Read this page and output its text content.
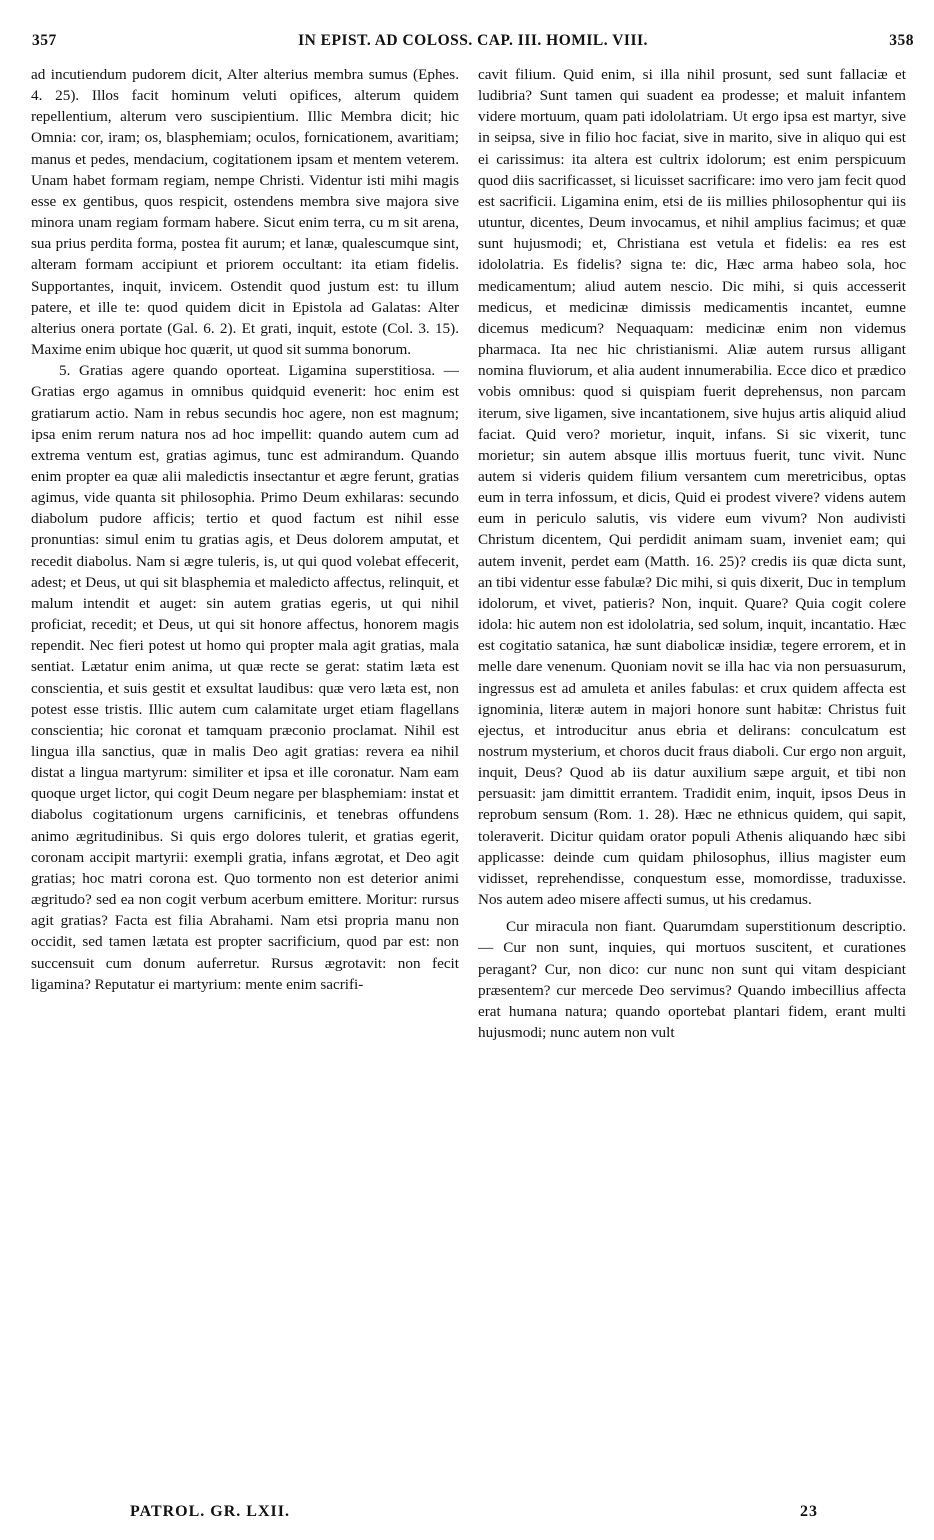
357	IN EPIST. AD COLOSS. CAP. III. HOMIL. VIII.	358

ad incutiendum pudorem dicit, Alter alterius membra sumus (Ephes. 4. 25). Illos facit hominum veluti opifices, alterum quidem repellentium, alterum vero suscipientium. Illic Membra dicit; hic Omnia: cor, iram; os, blasphemiam; oculos, fornicationem, avaritiam; manus et pedes, mendacium, cogitationem ipsam et mentem veterem. Unam habet formam regiam, nempe Christi. Videntur isti mihi magis esse ex gentibus, quos respicit, ostendens membra sive majora sive minora unam regiam formam habere. Sicut enim terra, cu m sit arena, sua prius perdita forma, postea fit aurum; et lanæ, qualescumque sint, alteram formam accipiunt et priorem occultant: ita etiam fidelis. Supportantes, inquit, invicem. Ostendit quod justum est: tu illum patere, et ille te: quod quidem dicit in Epistola ad Galatas: Alter alterius onera portate (Gal. 6. 2). Et grati, inquit, estote (Col. 3. 15). Maxime enim ubique hoc quærit, ut quod sit summa bonorum.

5. Gratias agere quando oporteat. Ligamina superstitiosa. — Gratias ergo agamus in omnibus quidquid evenerit: hoc enim est gratiarum actio. Nam in rebus secundis hoc agere, non est magnum; ipsa enim rerum natura nos ad hoc impellit: quando autem cum ad extrema ventum est, gratias agimus, tunc est admirandum. Quando enim propter ea quæ alii maledictis insectantur et ægre ferunt, gratias agimus, vide quanta sit philosophia. Primo Deum exhilaras: secundo diabolum pudore afficis; tertio et quod factum est nihil esse pronuntias: simul enim tu gratias agis, et Deus dolorem amputat, et recedit diabolus. Nam si ægre tuleris, is, ut qui quod volebat effecerit, adest; et Deus, ut qui sit blasphemia et maledicto affectus, relinquit, et malum intendit et auget: sin autem gratias egeris, ut qui nihil proficiat, recedit; et Deus, ut qui sit honore affectus, honorem magis rependit. Nec fieri potest ut homo qui propter mala agit gratias, mala sentiat. Lætatur enim anima, ut quæ recte se gerat: statim læta est conscientia, et suis gestit et exsultat laudibus: quæ vero læta est, non potest esse tristis. Illic autem cum calamitate urget etiam flagellans conscientia; hic coronat et tamquam præconio proclamat. Nihil est lingua illa sanctius, quæ in malis Deo agit gratias: revera ea nihil distat a lingua martyrum: similiter et ipsa et ille coronatur. Nam eam quoque urget lictor, qui cogit Deum negare per blasphemiam: instat et diabolus cogitationum urgens carnificinis, et tenebras offundens animo ægritudinibus. Si quis ergo dolores tulerit, et gratias egerit, coronam accipit martyrii: exempli gratia, infans ægrotat, et Deo agit gratias; hoc matri corona est. Quo tormento non est deterior animi ægritudo? sed ea non cogit verbum acerbum emittere. Moritur: rursus agit gratias? Facta est filia Abrahami. Nam etsi propria manu non occidit, sed tamen lætata est propter sacrificium, quod par est: non succensuit cum donum auferretur. Rursus ægrotavit: non fecit ligamina? Reputatur ei martyrium: mente enim sacrifi-

cavit filium. Quid enim, si illa nihil prosunt, sed sunt fallaciæ et ludibria? Sunt tamen qui suadent ea prodesse; et maluit infantem videre mortuum, quam pati idololatriam. Ut ergo ipsa est martyr, sive in seipsa, sive in filio hoc faciat, sive in marito, sive in aliquo qui est ei carissimus: ita altera est cultrix idolorum; est enim perspicuum quod diis sacrificasset, si licuisset sacrificare: imo vero jam fecit quod est sacrificii. Ligamina enim, etsi de iis millies philosophentur qui iis utuntur, dicentes, Deum invocamus, et nihil amplius facimus; et quæ sunt hujusmodi; et, Christiana est vetula et fidelis: ea res est idololatria. Es fidelis? signa te: dic, Hæc arma habeo sola, hoc medicamentum; aliud autem nescio. Dic mihi, si quis accesserit medicus, et medicinæ dimissis medicamentis incantet, eumne dicemus medicum? Nequaquam: medicinæ enim non videmus pharmaca. Ita nec hic christianismi. Aliæ autem rursus alligant nomina fluviorum, et alia audent innumerabilia. Ecce dico et prædico vobis omnibus: quod si quispiam fuerit deprehensus, non parcam iterum, sive ligamen, sive incantationem, sive hujus artis aliquid aliud faciat. Quid vero? morietur, inquit, infans. Si sic vixerit, tunc morietur; sin autem absque illis mortuus fuerit, tunc vivit. Nunc autem si videris quidem filium versantem cum meretricibus, optas eum in terra infossum, et dicis, Quid ei prodest vivere? videns autem eum in periculo salutis, vis videre eum vivum? Non audivisti Christum dicentem, Qui perdidit animam suam, inveniet eam; qui autem invenit, perdet eam (Matth. 16. 25)? credis iis quæ dicta sunt, an tibi videntur esse fabulæ? Dic mihi, si quis dixerit, Duc in templum idolorum, et vivet, patieris? Non, inquit. Quare? Quia cogit colere idola: hic autem non est idololatria, sed solum, inquit, incantatio. Hæc est cogitatio satanica, hæ sunt diabolicæ insidiæ, tegere errorem, et in melle dare venenum. Quoniam novit se illa hac via non persuasurum, ingressus est ad amuleta et aniles fabulas: et crux quidem affecta est ignominia, literæ autem in majori honore sunt habitæ: Christus fuit ejectus, et introducitur anus ebria et delirans: conculcatum est nostrum mysterium, et choros ducit fraus diaboli. Cur ergo non arguit, inquit, Deus? Quod ab iis datur auxilium sæpe arguit, et tibi non persuasit: jam dimittit errantem. Tradidit enim, inquit, ipsos Deus in reprobum sensum (Rom. 1. 28). Hæc ne ethnicus quidem, qui sapit, toleraverit. Dicitur quidam orator populi Athenis aliquando hæc sibi applicasse: deinde cum quidam philosophus, illius magister eum vidisset, reprehendisse, conquestum esse, momordisse, traduxisse. Nos autem adeo misere affecti sumus, ut his credamus.

Cur miracula non fiant. Quarumdam superstitionum descriptio. — Cur non sunt, inquies, qui mortuos suscitent, et curationes peragant? Cur, non dico: cur nunc non sunt qui vitam despiciant præsentem? cur mercede Deo servimus? Quando imbecillius affecta erat humana natura; quando oportebat plantari fidem, erant multi hujusmodi; nunc autem non vult

PATROL. GR. LXII.	23
